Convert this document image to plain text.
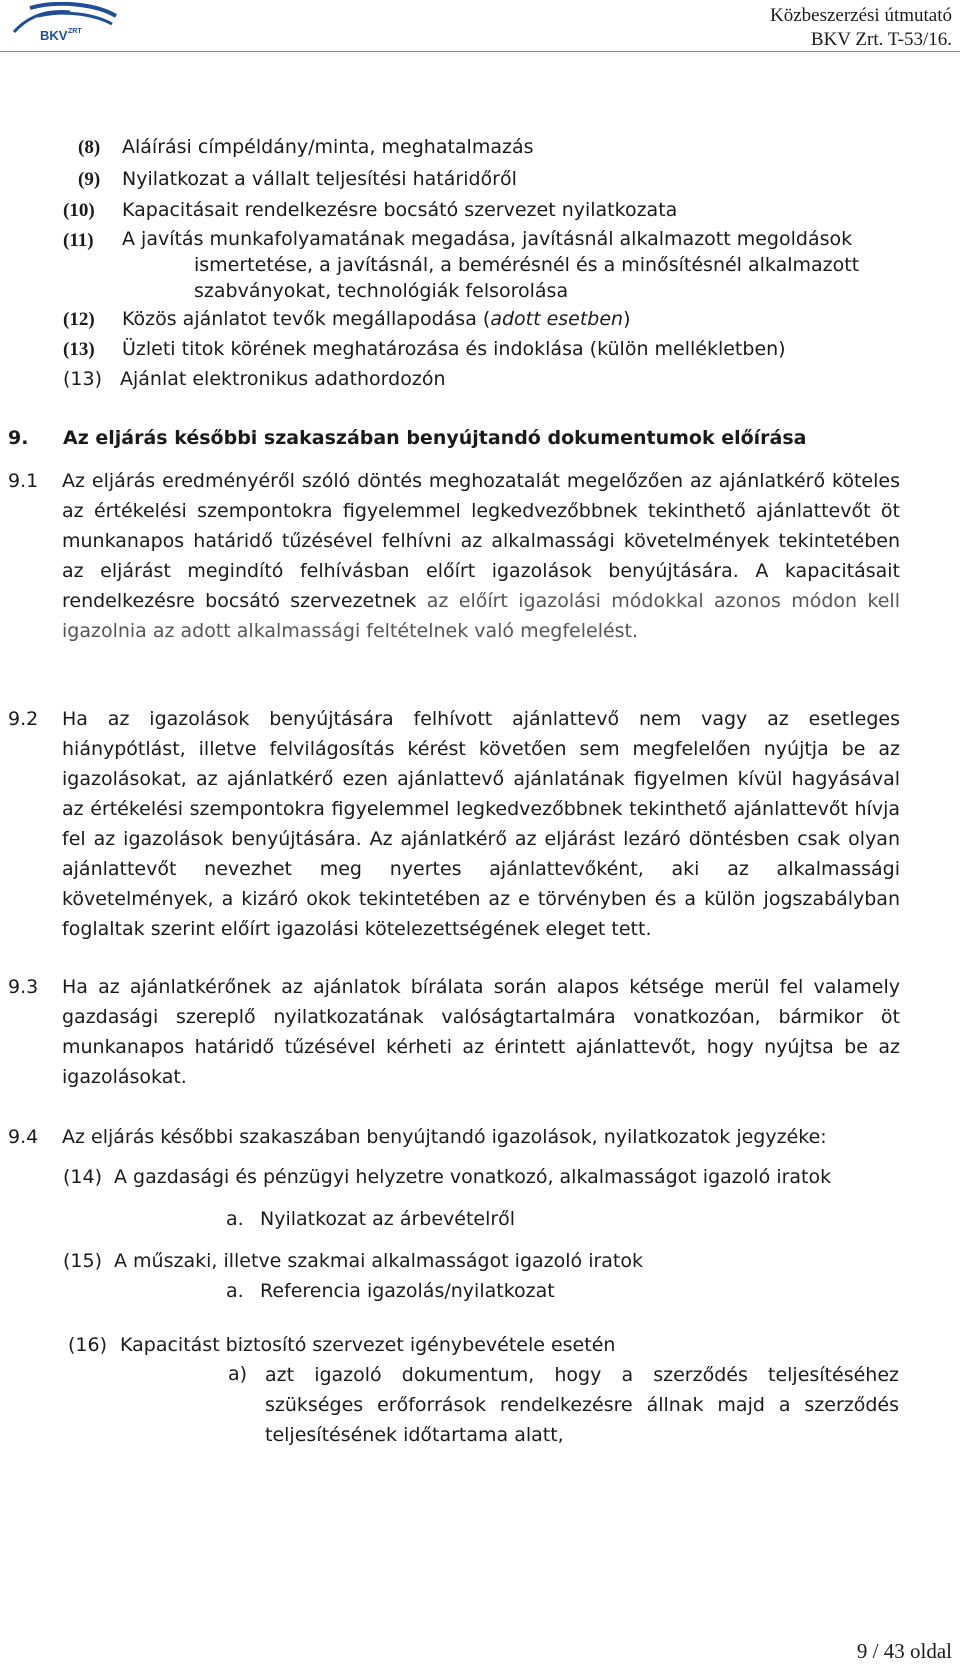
BKV ZRT
Közbeszerzési útmutató
BKV Zrt. T-53/16.
(8) Aláírási címpéldány/minta, meghatalmazás
(9) Nyilatkozat a vállalt teljesítési határidőről
(10) Kapacitásait rendelkezésre bocsátó szervezet nyilatkozata
(11) A javítás munkafolyamatának megadása, javításnál alkalmazott megoldások
ismertetése, a javításnál, a bemérésnél és a minősítésnél alkalmazott
szabványokat, technológiák felsorolása
(12) Közös ajánlatot tevők megállapodása (adott esetben)
(13) Üzleti titok körének meghatározása és indoklása (külön mellékletben)
(13) Ajánlat elektronikus adathordozón
9. Az eljárás későbbi szakaszában benyújtandó dokumentumok előírása
9.1 Az eljárás eredményéről szóló döntés meghozatalát megelőzően az ajánlatkérő köteles az értékelési szempontokra figyelemmel legkedvezőbbnek tekinthető ajánlattevőt öt munkanapos határidő tűzésével felhívni az alkalmassági követelmények tekintetében az eljárást megindító felhívásban előírt igazolások benyújtására. A kapacitásait rendelkezésre bocsátó szervezetnek az előírt igazolási módokkal azonos módon kell igazolnia az adott alkalmassági feltételnek való megfelelést.
9.2 Ha az igazolások benyújtására felhívott ajánlattevő nem vagy az esetleges hiánypótlást, illetve felvilágosítás kérést követően sem megfelelően nyújtja be az igazolásokat, az ajánlatkérő ezen ajánlattevő ajánlatának figyelmen kívül hagyásával az értékelési szempontokra figyelemmel legkedvezőbbnek tekinthető ajánlattevőt hívja fel az igazolások benyújtására. Az ajánlatkérő az eljárást lezáró döntésben csak olyan ajánlattevőt nevezhet meg nyertes ajánlattevőként, aki az alkalmassági követelmények, a kizáró okok tekintetében az e törvényben és a külön jogszabályban foglaltak szerint előírt igazolási kötelezettségének eleget tett.
9.3 Ha az ajánlatkérőnek az ajánlatok bírálata során alapos kétsége merül fel valamely gazdasági szereplő nyilatkozatának valóságtartalmára vonatkozóan, bármikor öt munkanapos határidő tűzésével kérheti az érintett ajánlattevőt, hogy nyújtsa be az igazolásokat.
9.4 Az eljárás későbbi szakaszában benyújtandó igazolások, nyilatkozatok jegyzéke:
(14) A gazdasági és pénzügyi helyzetre vonatkozó, alkalmasságot igazoló iratok
a. Nyilatkozat az árbevételről
(15) A műszaki, illetve szakmai alkalmasságot igazoló iratok
a. Referencia igazolás/nyilatkozat
(16) Kapacitást biztosító szervezet igénybevétele esetén
a) azt igazoló dokumentum, hogy a szerződés teljesítéséhez szükséges erőforrások rendelkezésre állnak majd a szerződés teljesítésének időtartama alatt,
9 / 43 oldal
